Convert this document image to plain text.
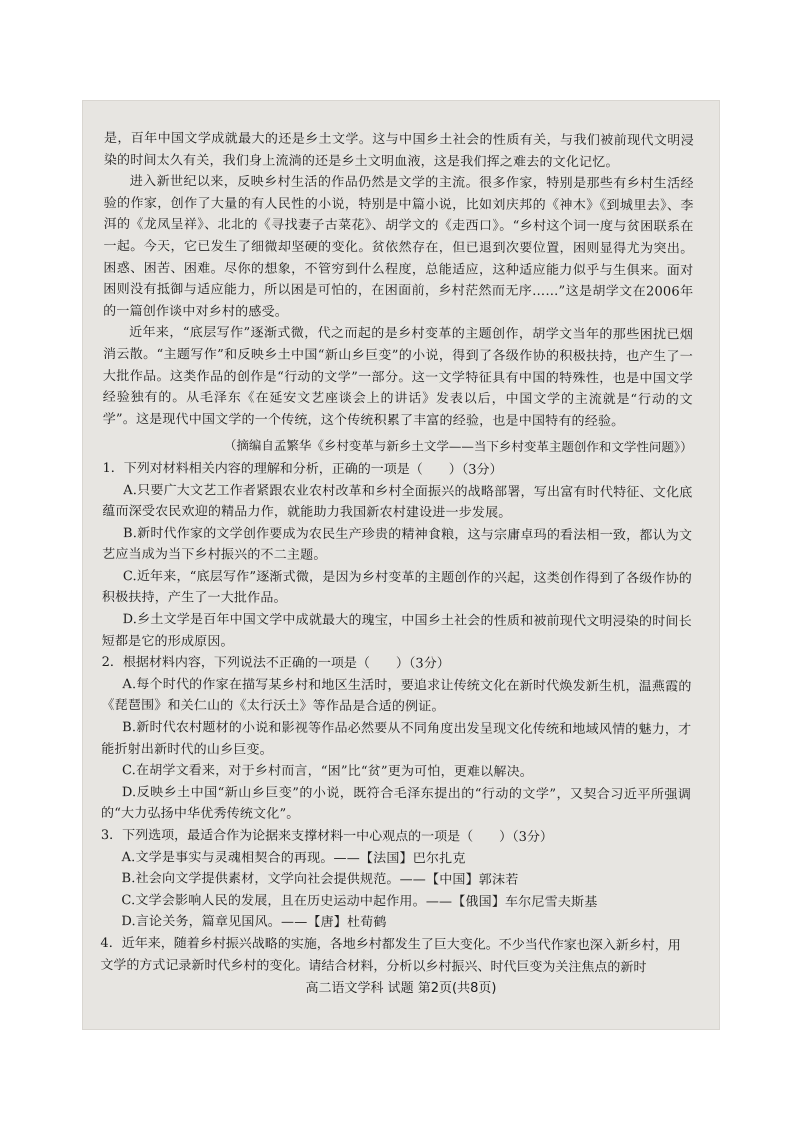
是，百年中国文学成就最大的还是乡土文学。这与中国乡土社会的性质有关，与我们被前现代文明浸染的时间太久有关，我们身上流淌的还是乡土文明血液，这是我们挥之难去的文化记忆。

进入新世纪以来，反映乡村生活的作品仍然是文学的主流。很多作家，特别是那些有乡村生活经验的作家，创作了大量的有人民性的小说，特别是中篇小说，比如刘庆邦的《神木》《到城里去》、李洱的《龙凤呈祥》、北北的《寻找妻子古菜花》、胡学文的《走西口》。“乡村这个词一度与贫困联系在一起。今天，它已发生了细微却坚硬的变化。贫依然存在，但已退到次要位置，困则显得尤为突出。困惑、困苦、困难。尽你的想象，不管穷到什么程度，总能适应，这种适应能力似乎与生俱来。面对困则没有抵御与适应能力，所以困是可怕的，在困面前，乡村茫然而无序……”这是胡学文在2006年的一篇创作谈中对乡村的感受。

近年来，“底层写作”逐渐式微，代之而起的是乡村变革的主题创作，胡学文当年的那些困扰已烟消云散。“主题写作”和反映乡土中国“新山乡巨变”的小说，得到了各级作协的积极扶持，也产生了一大批作品。这类作品的创作是“行动的文学”一部分。这一文学特征具有中国的特殊性，也是中国文学经验独有的。从毛泽东《在延安文艺座谈会上的讲话》发表以后，中国文学的主流就是“行动的文学”。这是现代中国文学的一个传统，这个传统积累了丰富的经验，也是中国特有的经验。

（摘编自孟繁华《乡村变革与新乡土文学——当下乡村变革主题创作和文学性问题》）

1．下列对材料相关内容的理解和分析，正确的一项是（　　）（3分）

A.只要广大文艺工作者紧跟农业农村改革和乡村全面振兴的战略部署，写出富有时代特征、文化底蕴而深受农民欢迎的精品力作，就能助力我国新农村建设进一步发展。

B.新时代作家的文学创作要成为农民生产珍贵的精神食粮，这与宗庸卓玛的看法相一致，都认为文艺应当成为当下乡村振兴的不二主题。

C.近年来，“底层写作”逐渐式微，是因为乡村变革的主题创作的兴起，这类创作得到了各级作协的积极扶持，产生了一大批作品。

D.乡土文学是百年中国文学中成就最大的瑰宝，中国乡土社会的性质和被前现代文明浸染的时间长短都是它的形成原因。

2．根据材料内容，下列说法不正确的一项是（　　）（3分）

A.每个时代的作家在描写某乡村和地区生活时，要追求让传统文化在新时代焕发新生机，温燕霞的《琵琶围》和关仁山的《太行沃土》等作品是合适的例证。

B.新时代农村题材的小说和影视等作品必然要从不同角度出发呈现文化传统和地域风情的魅力，才能折射出新时代的山乡巨变。

C.在胡学文看来，对于乡村而言，“困”比“贫”更为可怕，更难以解决。

D.反映乡土中国“新山乡巨变”的小说，既符合毛泽东提出的“行动的文学”，又契合习近平所强调的“大力弘扬中华优秀传统文化”。

3．下列选项，最适合作为论据来支撑材料一中心观点的一项是（　　）（3分）

A.文学是事实与灵魂相契合的再现。——【法国】巴尔扎克

B.社会向文学提供素材，文学向社会提供规范。——【中国】郭沫若

C.文学会影响人民的发展，且在历史运动中起作用。——【俄国】车尔尼雪夫斯基

D.言论关务，篇章见国风。——【唐】杜荀鹤

4．近年来，随着乡村振兴战略的实施，各地乡村都发生了巨大变化。不少当代作家也深入新乡村，用文学的方式记录新时代乡村的变化。请结合材料，分析以乡村振兴、时代巨变为关注焦点的新时

高二语文学科 试题 第2页(共8页)
